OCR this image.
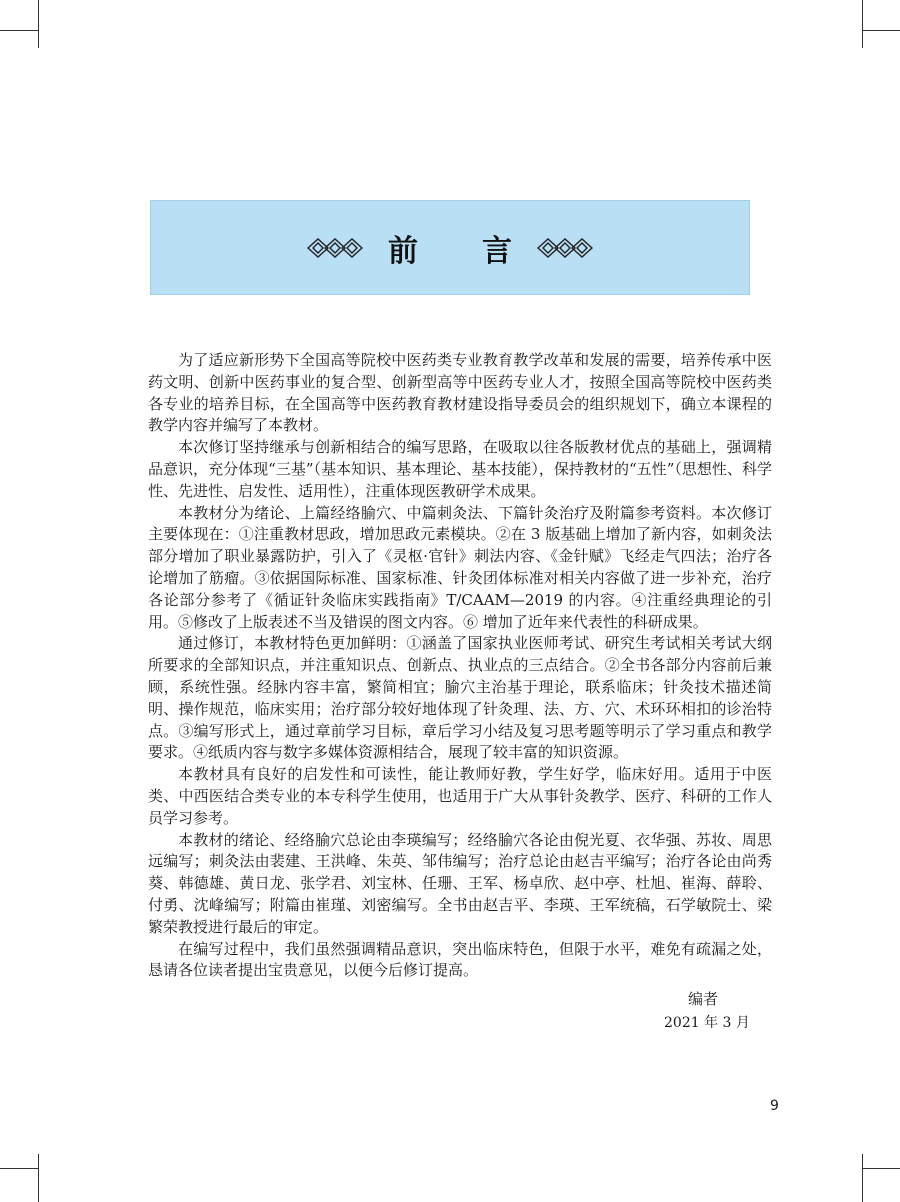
前 言

为了适应新形势下全国高等院校中医药类专业教育教学改革和发展的需要，培养传承中医药文明、创新中医药事业的复合型、创新型高等中医药专业人才，按照全国高等院校中医药类各专业的培养目标，在全国高等中医药教育教材建设指导委员会的组织规划下，确立本课程的教学内容并编写了本教材。

本次修订坚持继承与创新相结合的编写思路，在吸取以往各版教材优点的基础上，强调精品意识，充分体现“三基”（基本知识、基本理论、基本技能），保持教材的“五性”（思想性、科学性、先进性、启发性、适用性），注重体现医教研学术成果。

本教材分为绪论、上篇经络腧穴、中篇刺灸法、下篇针灸治疗及附篇参考资料。本次修订主要体现在：①注重教材思政，增加思政元素模块。②在 3 版基础上增加了新内容，如刺灸法部分增加了职业暴露防护，引入了《灵枢·官针》刺法内容、《金针赋》飞经走气四法；治疗各论增加了筋瘤。③依据国际标准、国家标准、针灸团体标准对相关内容做了进一步补充，治疗各论部分参考了《循证针灸临床实践指南》T/CAAM—2019 的内容。④注重经典理论的引用。⑤修改了上版表述不当及错误的图文内容。⑥ 增加了近年来代表性的科研成果。

通过修订，本教材特色更加鲜明：①涵盖了国家执业医师考试、研究生考试相关考试大纲所要求的全部知识点，并注重知识点、创新点、执业点的三点结合。②全书各部分内容前后兼顾，系统性强。经脉内容丰富，繁简相宜；腧穴主治基于理论，联系临床；针灸技术描述简明、操作规范，临床实用；治疗部分较好地体现了针灸理、法、方、穴、术环环相扣的诊治特点。③编写形式上，通过章前学习目标，章后学习小结及复习思考题等明示了学习重点和教学要求。④纸质内容与数字多媒体资源相结合，展现了较丰富的知识资源。

本教材具有良好的启发性和可读性，能让教师好教，学生好学，临床好用。适用于中医类、中西医结合类专业的本专科学生使用，也适用于广大从事针灸教学、医疗、科研的工作人员学习参考。

本教材的绪论、经络腧穴总论由李瑛编写；经络腧穴各论由倪光夏、衣华强、苏妆、周思远编写；刺灸法由裴建、王洪峰、朱英、邹伟编写；治疗总论由赵吉平编写；治疗各论由尚秀葵、韩德雄、黄日龙、张学君、刘宝林、任珊、王军、杨卓欣、赵中亭、杜旭、崔海、薛聆、付勇、沈峰编写；附篇由崔瑾、刘密编写。全书由赵吉平、李瑛、王军统稿，石学敏院士、梁繁荣教授进行最后的审定。

在编写过程中，我们虽然强调精品意识，突出临床特色，但限于水平，难免有疏漏之处，恳请各位读者提出宝贵意见，以便今后修订提高。

编者
2021 年 3 月
9
